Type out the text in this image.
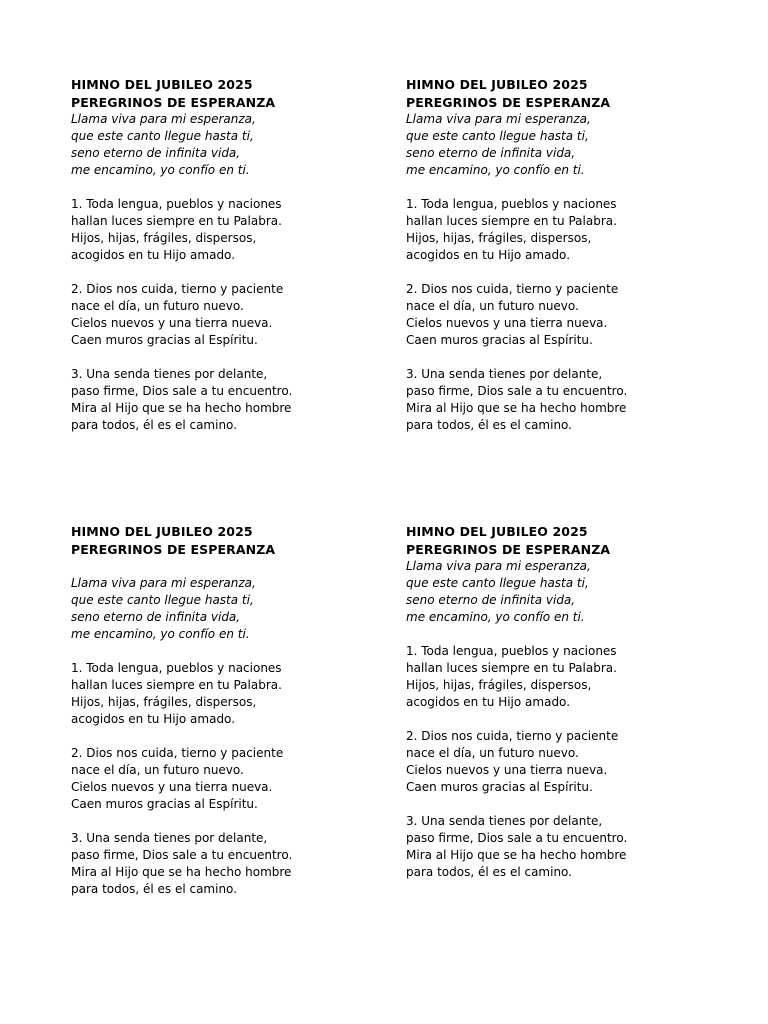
HIMNO DEL JUBILEO 2025
PEREGRINOS DE ESPERANZA

Llama viva para mi esperanza,
que este canto llegue hasta ti,
seno eterno de infinita vida,
me encamino, yo confío en ti.

1. Toda lengua, pueblos y naciones
hallan luces siempre en tu Palabra.
Hijos, hijas, frágiles, dispersos,
acogidos en tu Hijo amado.

2. Dios nos cuida, tierno y paciente
nace el día, un futuro nuevo.
Cielos nuevos y una tierra nueva.
Caen muros gracias al Espíritu.

3. Una senda tienes por delante,
paso firme, Dios sale a tu encuentro.
Mira al Hijo que se ha hecho hombre
para todos, él es el camino.

HIMNO DEL JUBILEO 2025
PEREGRINOS DE ESPERANZA

Llama viva para mi esperanza,
que este canto llegue hasta ti,
seno eterno de infinita vida,
me encamino, yo confío en ti.

1. Toda lengua, pueblos y naciones
hallan luces siempre en tu Palabra.
Hijos, hijas, frágiles, dispersos,
acogidos en tu Hijo amado.

2. Dios nos cuida, tierno y paciente
nace el día, un futuro nuevo.
Cielos nuevos y una tierra nueva.
Caen muros gracias al Espíritu.

3. Una senda tienes por delante,
paso firme, Dios sale a tu encuentro.
Mira al Hijo que se ha hecho hombre
para todos, él es el camino.

HIMNO DEL JUBILEO 2025
PEREGRINOS DE ESPERANZA

Llama viva para mi esperanza,
que este canto llegue hasta ti,
seno eterno de infinita vida,
me encamino, yo confío en ti.

1. Toda lengua, pueblos y naciones
hallan luces siempre en tu Palabra.
Hijos, hijas, frágiles, dispersos,
acogidos en tu Hijo amado.

2. Dios nos cuida, tierno y paciente
nace el día, un futuro nuevo.
Cielos nuevos y una tierra nueva.
Caen muros gracias al Espíritu.

3. Una senda tienes por delante,
paso firme, Dios sale a tu encuentro.
Mira al Hijo que se ha hecho hombre
para todos, él es el camino.

HIMNO DEL JUBILEO 2025
PEREGRINOS DE ESPERANZA

Llama viva para mi esperanza,
que este canto llegue hasta ti,
seno eterno de infinita vida,
me encamino, yo confío en ti.

1. Toda lengua, pueblos y naciones
hallan luces siempre en tu Palabra.
Hijos, hijas, frágiles, dispersos,
acogidos en tu Hijo amado.

2. Dios nos cuida, tierno y paciente
nace el día, un futuro nuevo.
Cielos nuevos y una tierra nueva.
Caen muros gracias al Espíritu.

3. Una senda tienes por delante,
paso firme, Dios sale a tu encuentro.
Mira al Hijo que se ha hecho hombre
para todos, él es el camino.
